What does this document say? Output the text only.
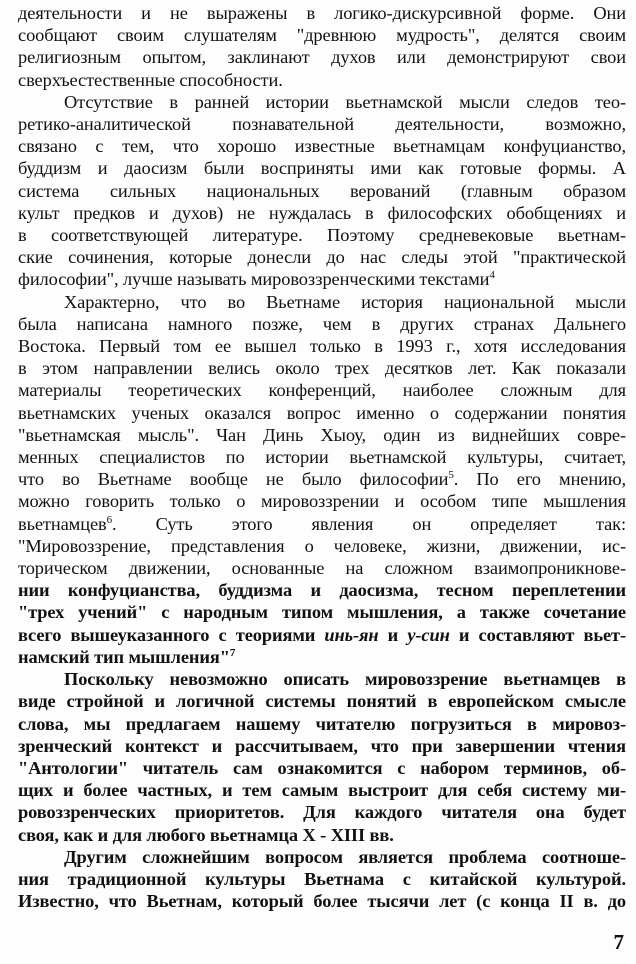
деятельности и не выражены в логико-дискурсивной форме. Они
сообщают своим слушателям "древнюю мудрость", делятся своим
религиозным опытом, заклинают духов или демонстрируют свои
сверхъестественные способности.
Отсутствие в ранней истории вьетнамской мысли следов тео-
ретико-аналитической познавательной деятельности, возможно,
связано с тем, что хорошо известные вьетнамцам конфуцианство,
буддизм и даосизм были восприняты ими как готовые формы. А
система сильных национальных верований (главным образом
культ предков и духов) не нуждалась в философских обобщениях и
в соответствующей литературе. Поэтому средневековые вьетнам-
ские сочинения, которые донесли до нас следы этой "практической
философии", лучше называть мировоззренческими текстами$^4$
Характерно, что во Вьетнаме история национальной мысли
была написана намного позже, чем в других странах Дальнего
Востока. Первый том ее вышел только в 1993 г., хотя исследования
в этом направлении велись около трех десятков лет. Как показали
материалы теоретических конференций, наиболее сложным для
вьетнамских ученых оказался вопрос именно о содержании понятия
"вьетнамская мысль". Чан Динь Хыоу, один из виднейших совре-
менных специалистов по истории вьетнамской культуры, считает,
что во Вьетнаме вообще не было философии$^5$. По его мнению,
можно говорить только о мировоззрении и особом типе мышления
вьетнамцев$^6$. Суть этого явления он определяет так:
"Мировоззрение, представления о человеке, жизни, движении, ис-
торическом движении, основанные на сложном взаимопроникнове-
нии конфуцианства, буддизма и даосизма, тесном переплетении
"трех учений" с народным типом мышления, а также сочетание
всего вышеуказанного с теориями инь-ян и у-син и составляют вьет-
намский тип мышления"$^7$
Поскольку невозможно описать мировоззрение вьетнамцев в
виде стройной и логичной системы понятий в европейском смысле
слова, мы предлагаем нашему читателю погрузиться в мировоз-
зренческий контекст и рассчитываем, что при завершении чтения
"Антологии" читатель сам ознакомится с набором терминов, об-
щих и более частных, и тем самым выстроит для себя систему ми-
ровоззренческих приоритетов. Для каждого читателя она будет
своя, как и для любого вьетнамца X - XIII вв.
Другим сложнейшим вопросом является проблема соотноше-
ния традиционной культуры Вьетнама с китайской культурой.
Известно, что Вьетнам, который более тысячи лет (с конца II в. до
7
